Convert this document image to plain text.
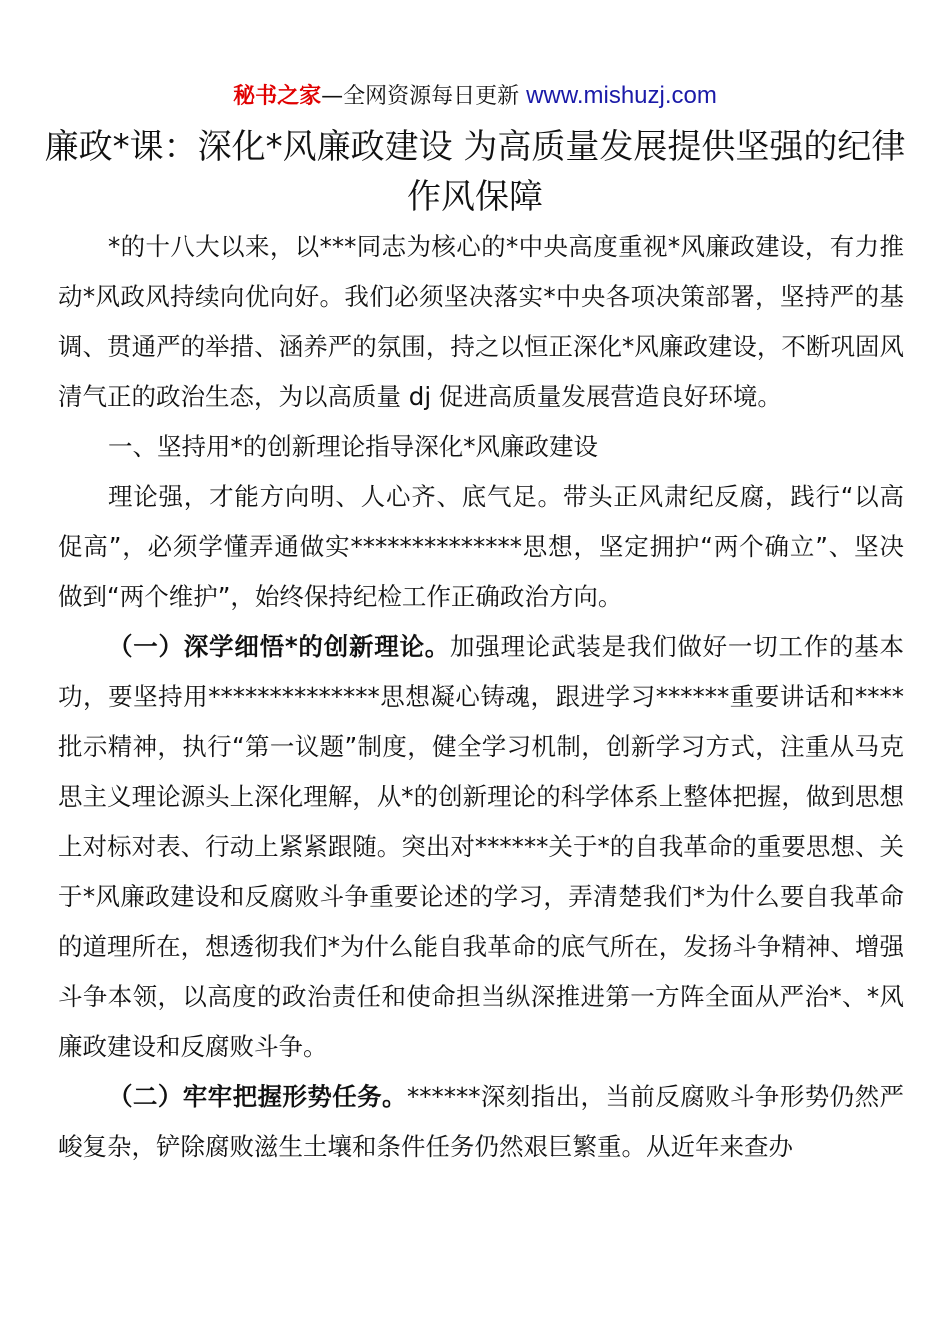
秘书之家—全网资源每日更新 www.mishuzj.com
廉政*课：深化*风廉政建设 为高质量发展提供坚强的纪律作风保障

*的十八大以来，以***同志为核心的*中央高度重视*风廉政建设，有力推动*风政风持续向优向好。我们必须坚决落实*中央各项决策部署，坚持严的基调、贯通严的举措、涵养严的氛围，持之以恒正深化*风廉政建设，不断巩固风清气正的政治生态，为以高质量 dj 促进高质量发展营造良好环境。

一、坚持用*的创新理论指导深化*风廉政建设

理论强，才能方向明、人心齐、底气足。带头正风肃纪反腐，践行“以高促高”，必须学懂弄通做实**************思想，坚定拥护“两个确立”、坚决做到“两个维护”，始终保持纪检工作正确政治方向。

（一）深学细悟*的创新理论。加强理论武装是我们做好一切工作的基本功，要坚持用**************思想凝心铸魂，跟进学习******重要讲话和****批示精神，执行“第一议题”制度，健全学习机制，创新学习方式，注重从马克思主义理论源头上深化理解，从*的创新理论的科学体系上整体把握，做到思想上对标对表、行动上紧紧跟随。突出对******关于*的自我革命的重要思想、关于*风廉政建设和反腐败斗争重要论述的学习，弄清楚我们*为什么要自我革命的道理所在，想透彻我们*为什么能自我革命的底气所在，发扬斗争精神、增强斗争本领，以高度的政治责任和使命担当纵深推进第一方阵全面从严治*、*风廉政建设和反腐败斗争。

（二）牢牢把握形势任务。******深刻指出，当前反腐败斗争形势仍然严峻复杂，铲除腐败滋生土壤和条件任务仍然艰巨繁重。从近年来查办
